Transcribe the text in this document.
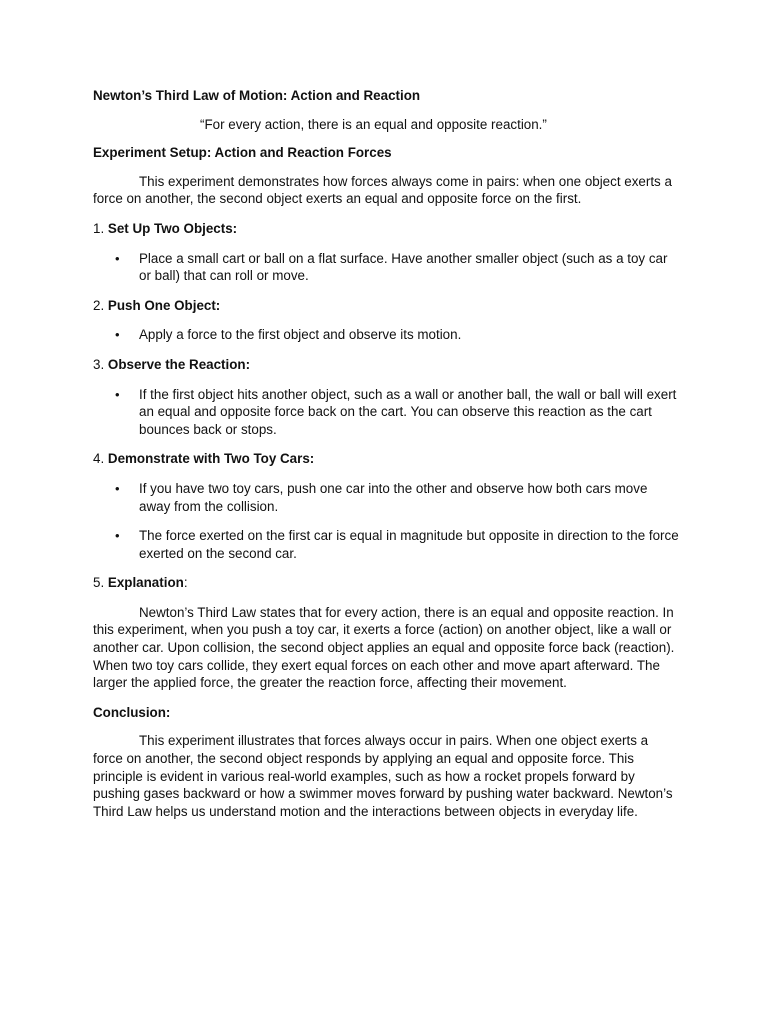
Newton’s Third Law of Motion: Action and Reaction

“For every action, there is an equal and opposite reaction.”

Experiment Setup: Action and Reaction Forces

This experiment demonstrates how forces always come in pairs: when one object exerts a force on another, the second object exerts an equal and opposite force on the first.

1. Set Up Two Objects:

• Place a small cart or ball on a flat surface. Have another smaller object (such as a toy car or ball) that can roll or move.

2. Push One Object:

• Apply a force to the first object and observe its motion.

3. Observe the Reaction:

• If the first object hits another object, such as a wall or another ball, the wall or ball will exert an equal and opposite force back on the cart. You can observe this reaction as the cart bounces back or stops.

4. Demonstrate with Two Toy Cars:

• If you have two toy cars, push one car into the other and observe how both cars move away from the collision.
• The force exerted on the first car is equal in magnitude but opposite in direction to the force exerted on the second car.

5. Explanation:

Newton’s Third Law states that for every action, there is an equal and opposite reaction. In this experiment, when you push a toy car, it exerts a force (action) on another object, like a wall or another car. Upon collision, the second object applies an equal and opposite force back (reaction). When two toy cars collide, they exert equal forces on each other and move apart afterward. The larger the applied force, the greater the reaction force, affecting their movement.

Conclusion:

This experiment illustrates that forces always occur in pairs. When one object exerts a force on another, the second object responds by applying an equal and opposite force. This principle is evident in various real-world examples, such as how a rocket propels forward by pushing gases backward or how a swimmer moves forward by pushing water backward. Newton’s Third Law helps us understand motion and the interactions between objects in everyday life.
